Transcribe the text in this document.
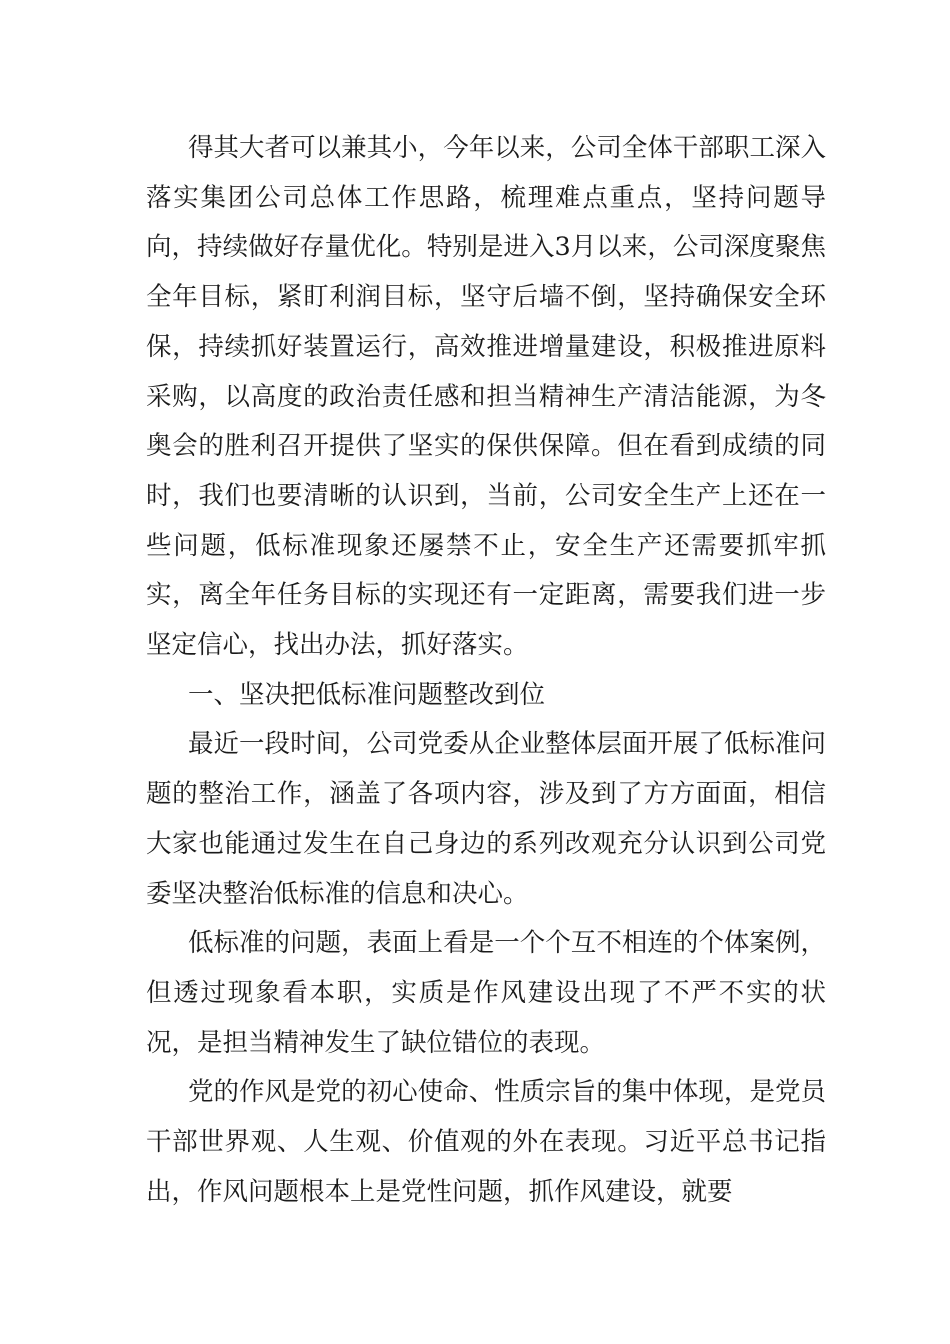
得其大者可以兼其小，今年以来，公司全体干部职工深入落实集团公司总体工作思路，梳理难点重点，坚持问题导向，持续做好存量优化。特别是进入3月以来，公司深度聚焦全年目标，紧盯利润目标，坚守后墙不倒，坚持确保安全环保，持续抓好装置运行，高效推进增量建设，积极推进原料采购，以高度的政治责任感和担当精神生产清洁能源，为冬奥会的胜利召开提供了坚实的保供保障。但在看到成绩的同时，我们也要清晰的认识到，当前，公司安全生产上还在一些问题，低标准现象还屡禁不止，安全生产还需要抓牢抓实，离全年任务目标的实现还有一定距离，需要我们进一步坚定信心，找出办法，抓好落实。

一、坚决把低标准问题整改到位

最近一段时间，公司党委从企业整体层面开展了低标准问题的整治工作，涵盖了各项内容，涉及到了方方面面，相信大家也能通过发生在自己身边的系列改观充分认识到公司党委坚决整治低标准的信息和决心。

低标准的问题，表面上看是一个个互不相连的个体案例，但透过现象看本职，实质是作风建设出现了不严不实的状况，是担当精神发生了缺位错位的表现。

党的作风是党的初心使命、性质宗旨的集中体现，是党员干部世界观、人生观、价值观的外在表现。习近平总书记指出，作风问题根本上是党性问题，抓作风建设，就要
